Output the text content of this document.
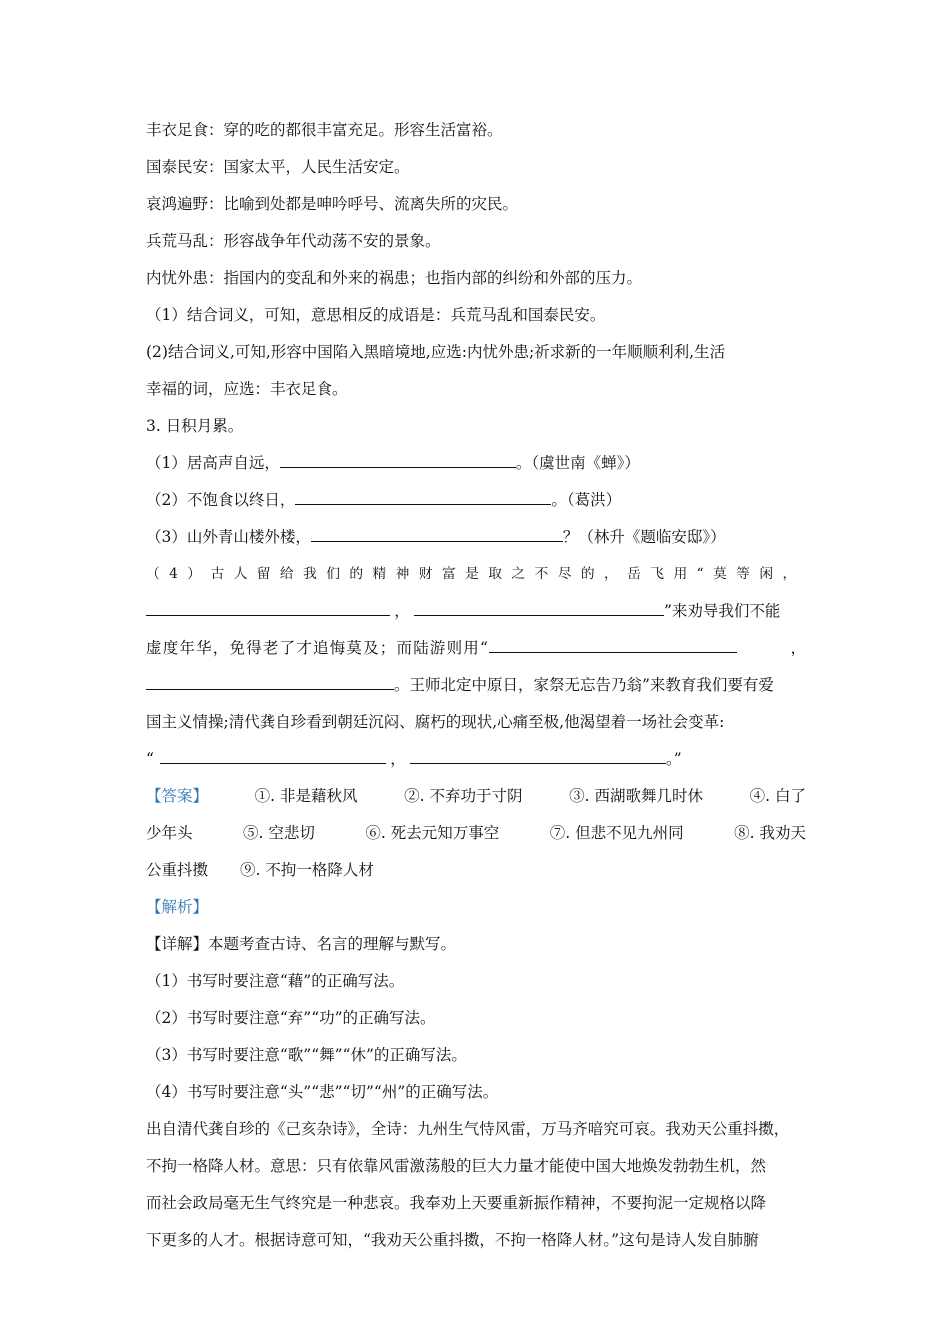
丰衣足食：穿的吃的都很丰富充足。形容生活富裕。
国泰民安：国家太平，人民生活安定。
哀鸿遍野：比喻到处都是呻吟呼号、流离失所的灾民。
兵荒马乱：形容战争年代动荡不安的景象。
内忧外患：指国内的变乱和外来的祸患；也指内部的纠纷和外部的压力。
（1）结合词义，可知，意思相反的成语是：兵荒马乱和国泰民安。
(2)结合词义,可知,形容中国陷入黑暗境地,应选:内忧外患;祈求新的一年顺顺利利,生活
幸福的词，应选：丰衣足食。
3. 日积月累。
（1）居高声自远，	。（虞世南《蝉》）
（2）不饱食以终日，	。（葛洪）
（3）山外青山楼外楼，	？（林升《题临安邸》）
（4）古人留给我们的精神财富是取之不尽的，岳飞用“莫等闲，
，	”来劝导我们不能
虚度年华，免得老了才追悔莫及；而陆游则用“	，
。王师北定中原日，家祭无忘告乃翁”来教育我们要有爱
国主义情操;清代龚自珍看到朝廷沉闷、腐朽的现状,心痛至极,他渴望着一场社会变革:
“	，	。”
【答案】	①. 非是藉秋风	②. 不弃功于寸阴	③. 西湖歌舞几时休	④. 白了
少年头	⑤. 空悲切	⑥. 死去元知万事空	⑦. 但悲不见九州同	⑧. 我劝天
公重抖擞 ⑨. 不拘一格降人材
【解析】
【详解】本题考查古诗、名言的理解与默写。
（1）书写时要注意“藉”的正确写法。
（2）书写时要注意“弃”“功”的正确写法。
（3）书写时要注意“歌”“舞”“休”的正确写法。
（4）书写时要注意“头”“悲”“切”“州”的正确写法。
出自清代龚自珍的《己亥杂诗》，全诗：九州生气恃风雷，万马齐喑究可哀。我劝天公重抖擞，
不拘一格降人材。意思：只有依靠风雷激荡般的巨大力量才能使中国大地焕发勃勃生机，然
而社会政局毫无生气终究是一种悲哀。我奉劝上天要重新振作精神，不要拘泥一定规格以降
下更多的人才。根据诗意可知，“我劝天公重抖擞，不拘一格降人材。”这句是诗人发自肺腑
